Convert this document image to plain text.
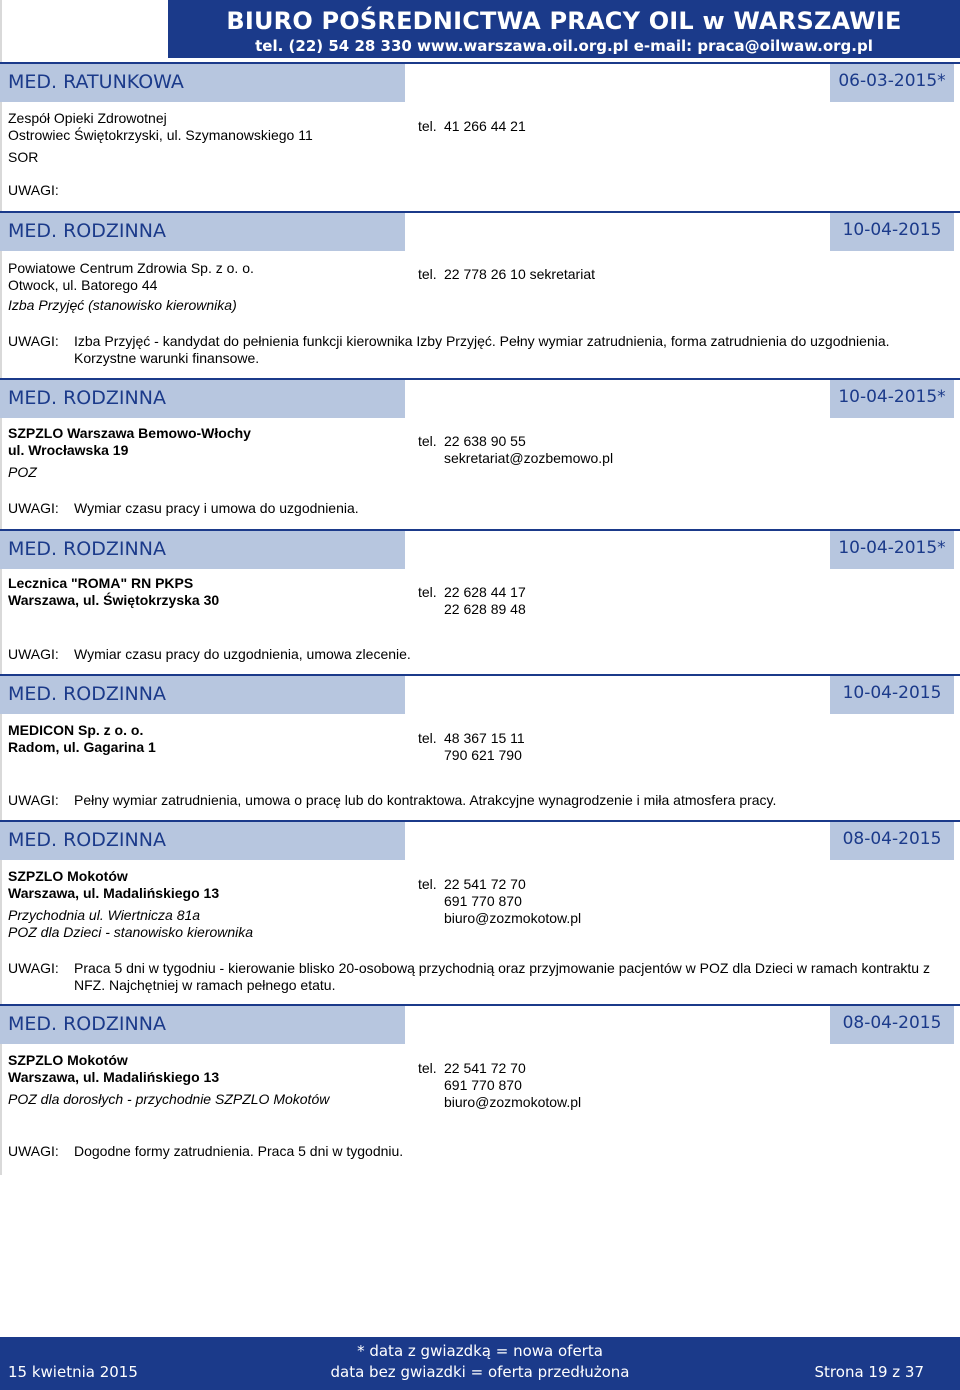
BIURO POŚREDNICTWA PRACY OIL w WARSZAWIE
tel. (22) 54 28 330 www.warszawa.oil.org.pl e-mail: praca@oilwaw.org.pl
MED. RATUNKOWA	06-03-2015*
Zespół Opieki Zdrowotnej
Ostrowiec Świętokrzyski, ul. Szymanowskiego 11
SOR
tel. 41 266 44 21
UWAGI:
MED. RODZINNA	10-04-2015
Powiatowe Centrum Zdrowia Sp. z o. o.
Otwock, ul. Batorego 44
Izba Przyjęć (stanowisko kierownika)
tel. 22 778 26 10 sekretariat
UWAGI: Izba Przyjęć - kandydat do pełnienia funkcji kierownika Izby Przyjęć. Pełny wymiar zatrudnienia, forma zatrudnienia do uzgodnienia. Korzystne warunki finansowe.
MED. RODZINNA	10-04-2015*
SZPZLO Warszawa Bemowo-Włochy
ul. Wrocławska 19
POZ
tel. 22 638 90 55
sekretariat@zozbemowo.pl
UWAGI: Wymiar czasu pracy i umowa do uzgodnienia.
MED. RODZINNA	10-04-2015*
Lecznica "ROMA" RN PKPS
Warszawa, ul. Świętokrzyska 30	tel. 22 628 44 17
22 628 89 48
UWAGI: Wymiar czasu pracy do uzgodnienia, umowa zlecenie.
MED. RODZINNA	10-04-2015
MEDICON Sp. z o. o.
Radom, ul. Gagarina 1
tel. 48 367 15 11
790 621 790
UWAGI: Pełny wymiar zatrudnienia, umowa o pracę lub do kontraktowa. Atrakcyjne wynagrodzenie i miła atmosfera pracy.
MED. RODZINNA	08-04-2015
SZPZLO Mokotów
Warszawa, ul. Madalińskiego 13
Przychodnia ul. Wiertnicza 81a
POZ dla Dzieci - stanowisko kierownika
tel. 22 541 72 70
691 770 870
biuro@zozmokotow.pl
UWAGI: Praca 5 dni w tygodniu - kierowanie blisko 20-osobową przychodnią oraz przyjmowanie pacjentów w POZ dla Dzieci w ramach kontraktu z NFZ. Najchętniej w ramach pełnego etatu.
MED. RODZINNA	08-04-2015
SZPZLO Mokotów
Warszawa, ul. Madalińskiego 13
POZ dla dorosłych - przychodnie SZPZLO Mokotów
tel. 22 541 72 70
691 770 870
biuro@zozmokotow.pl
UWAGI: Dogodne formy zatrudnienia. Praca 5 dni w tygodniu.
15 kwietnia 2015
* data z gwiazdką = nowa oferta
data bez gwiazdki = oferta przedłużona	Strona 19 z 37
